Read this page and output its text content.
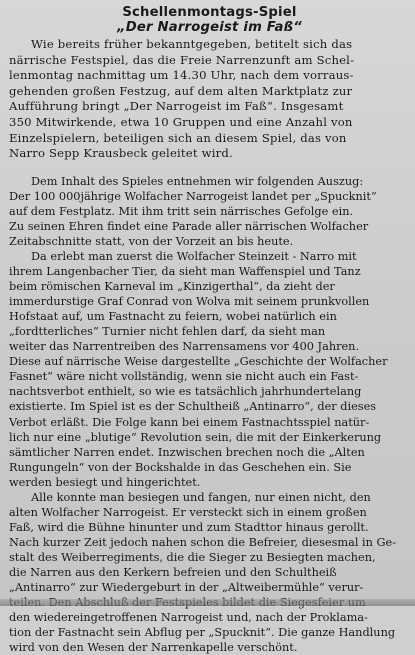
Schellenmontags-Spiel
„Der Narrogeist im Faß“
Wie bereits früher bekanntgegeben, betitelt sich das
närrische Festspiel, das die Freie Narrenzunft am Schel-
lenmontag nachmittag um 14.30 Uhr, nach dem vorraus-
gehenden großen Festzug, auf dem alten Marktplatz zur
Aufführung bringt „Der Narrogeist im Faß“. Insgesamt
350 Mitwirkende, etwa 10 Gruppen und eine Anzahl von
Einzelspielern, beteiligen sich an diesem Spiel, das von
Narro Sepp Krausbeck geleitet wird.
Dem Inhalt des Spieles entnehmen wir folgenden Auszug:
Der 100 000jährige Wolfacher Narrogeist landet per „Spucknit“
auf dem Festplatz. Mit ihm tritt sein närrisches Gefolge ein.
Zu seinen Ehren findet eine Parade aller närrischen Wolfacher
Zeitabschnitte statt, von der Vorzeit an bis heute.
Da erlebt man zuerst die Wolfacher Steinzeit - Narro mit
ihrem Langenbacher Tier, da sieht man Waffenspiel und Tanz
beim römischen Karneval im „Kinzigerthal“, da zieht der
immerdurstige Graf Conrad von Wolva mit seinem prunkvollen
Hofstaat auf, um Fastnacht zu feiern, wobei natürlich ein
„fordtterliches“ Turnier nicht fehlen darf, da sieht man
weiter das Narrentreiben des Narrensamens vor 400 Jahren.
Diese auf närrische Weise dargestellte „Geschichte der Wolfacher
Fasnet“ wäre nicht vollständig, wenn sie nicht auch ein Fast-
nachtsverbot enthielt, so wie es tatsächlich jahrhundertelang
existierte. Im Spiel ist es der Schultheiß „Antinarro“, der dieses
Verbot erläßt. Die Folge kann bei einem Fastnachtsspiel natür-
lich nur eine „blutige“ Revolution sein, die mit der Einkerkerung
sämtlicher Narren endet. Inzwischen brechen noch die „Alten
Rungungeln“ von der Bockshalde in das Geschehen ein. Sie
werden besiegt und hingerichtet.
Alle konnte man besiegen und fangen, nur einen nicht, den
alten Wolfacher Narrogeist. Er versteckt sich in einem großen
Faß, wird die Bühne hinunter und zum Stadttor hinaus gerollt.
Nach kurzer Zeit jedoch nahen schon die Befreier, diesesmal in Ge-
stalt des Weiberregiments, die die Sieger zu Besiegten machen,
die Narren aus den Kerkern befreien und den Schultheiß
„Antinarro“ zur Wiedergeburt in der „Altweibermühle“ verur-
den wiedereingetroffenen Narrogeist und, nach der Proklama-
tion der Fastnacht sein Abflug per „Spucknit“. Die ganze Handlung
wird von den Wesen der Narrenkapelle verschönt.
